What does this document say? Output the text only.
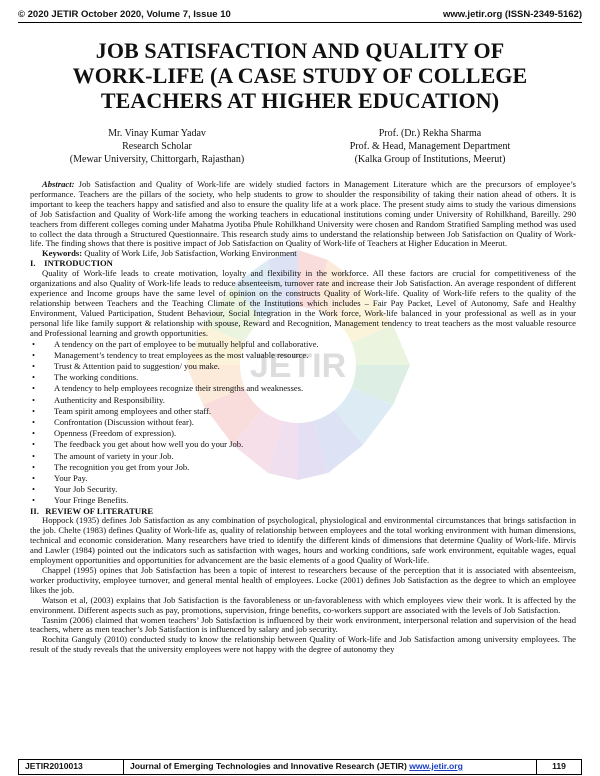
© 2020 JETIR October 2020, Volume 7, Issue 10	www.jetir.org (ISSN-2349-5162)
JETIR
JOB SATISFACTION AND QUALITY OF
WORK-LIFE (A CASE STUDY OF COLLEGE
TEACHERS AT HIGHER EDUCATION)
Mr. Vinay Kumar Yadav
Research Scholar
(Mewar University, Chittorgarh, Rajasthan)
Prof. (Dr.) Rekha Sharma
Prof. & Head, Management Department
(Kalka Group of Institutions, Meerut)

Abstract: Job Satisfaction and Quality of Work-life are widely studied factors in Management Literature which are the precursors of employee’s performance. Teachers are the pillars of the society, who help students to grow to shoulder the responsibility of taking their nation ahead of others. It is important to keep the teachers happy and satisfied and also to ensure the quality life at a work place. The present study aims to study the various dimensions of Job Satisfaction and Quality of Work-life among the working teachers in educational institutions coming under University of Rohilkhand, Bareilly. 290 teachers from different colleges coming under Mahatma Jyotiba Phule Rohilkhand University were chosen and Random Stratified Sampling method was used to collect the data through a Structured Questionnaire. This research study aims to understand the relationship between Job Satisfaction on Quality of Work-life. The finding shows that there is positive impact of Job Satisfaction on Quality of Work-life of Teachers at Higher Education in Meerut.

Keywords: Quality of Work Life, Job Satisfaction, Working Environment

I. INTRODUCTION

Quality of Work-life leads to create motivation, loyalty and flexibility in the workforce. All these factors are crucial for competitiveness of the organizations and also Quality of Work-life leads to reduce absenteeism, turnover rate and increase their Job Satisfaction. An average respondent of different experience and Income groups have the same level of opinion on the constructs Quality of Work-life. Quality of Work-life refers to the quality of the relationship between Teachers and the Teaching Climate of the Institutions which includes – Fair Pay Packet, Level of Autonomy, Safe and Healthy Environment, Valued Participation, Student Behaviour, Social Integration in the Work force, Work-life balanced in your professional as well as in your personal life like family support & relationship with spouse, Reward and Recognition, Management tendency to treat teachers as the most valuable resource and Professional learning and growth opportunities.

• A tendency on the part of employee to be mutually helpful and collaborative.
• Management’s tendency to treat employees as the most valuable resource.
• Trust & Attention paid to suggestion/ you make.
• The working conditions.
• A tendency to help employees recognize their strengths and weaknesses.
• Authenticity and Responsibility.
• Team spirit among employees and other staff.
• Confrontation (Discussion without fear).
• Openness (Freedom of expression).
• The feedback you get about how well you do your Job.
• The amount of variety in your Job.
• The recognition you get from your Job.
• Your Pay.
• Your Job Security.
• Your Fringe Benefits.

II. REVIEW OF LITERATURE

Hoppock (1935) defines Job Satisfaction as any combination of psychological, physiological and environmental circumstances that brings satisfaction in the job. Chelte (1983) defines Quality of Work-life as, quality of relationship between employees and the total working environment with human dimensions, technical and economic consideration. Many researchers have tried to identify the different kinds of dimensions that determine Quality of Work-life. Mirvis and Lawler (1984) pointed out the indicators such as satisfaction with wages, hours and working conditions, safe work environment, equitable wages, equal employment opportunities and opportunities for advancement are the basic elements of a good Quality of Work-life.

Chappel (1995) opines that Job Satisfaction has been a topic of interest to researchers because of the perception that it is associated with absenteeism, worker productivity, employee turnover, and general mental health of employees. Locke (2001) defines Job Satisfaction as the degree to which an employee likes the job.

Watson et al, (2003) explains that Job Satisfaction is the favorableness or un-favorableness with which employees view their work. It is affected by the environment. Different aspects such as pay, promotions, supervision, fringe benefits, co-workers support are associated with the levels of Job Satisfaction.

Tasnim (2006) claimed that women teachers’ Job Satisfaction is influenced by their work environment, interpersonal relation and supervision of the head teachers, where as men teacher’s Job Satisfaction is influenced by salary and job security.

Rochita Ganguly (2010) conducted study to know the relationship between Quality of Work-life and Job Satisfaction among university employees. The result of the study reveals that the university employees were not happy with the degree of autonomy they

JETIR2010013	Journal of Emerging Technologies and Innovative Research (JETIR) www.jetir.org	119
